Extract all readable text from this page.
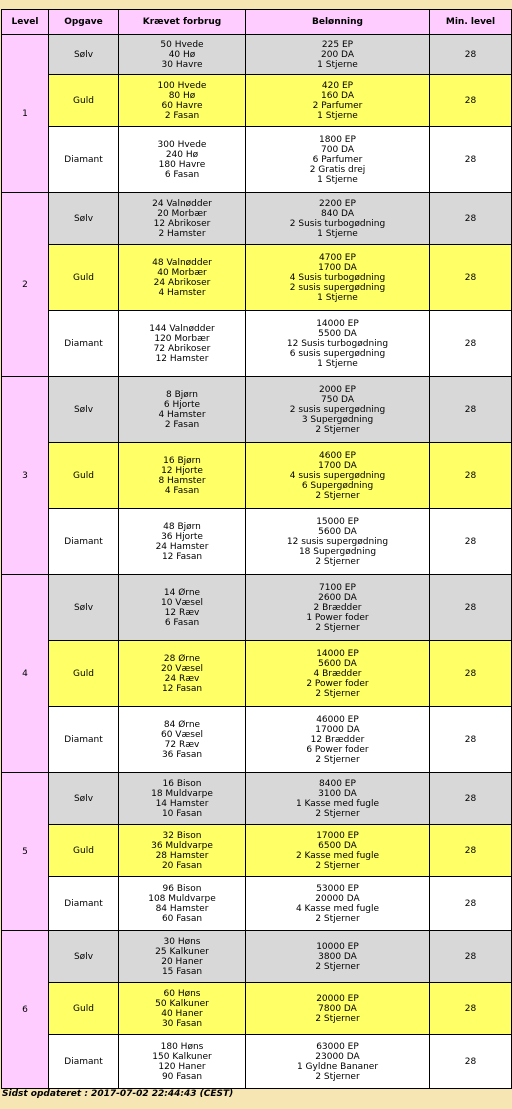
Level	Opgave	Krævet forbrug	Belønning	Min. level
1	Sølv	50 Hvede
40 Hø
30 Havre	225 EP
200 DA
1 Stjerne	28
	Guld	100 Hvede
80 Hø
60 Havre
2 Fasan	420 EP
160 DA
2 Parfumer
1 Stjerne	28
	Diamant	300 Hvede
240 Hø
180 Havre
6 Fasan	1800 EP
700 DA
6 Parfumer
2 Gratis drej
1 Stjerne	28
2	Sølv	24 Valnødder
20 Morbær
12 Abrikoser
2 Hamster	2200 EP
840 DA
2 Susis turbogødning
1 Stjerne	28
	Guld	48 Valnødder
40 Morbær
24 Abrikoser
4 Hamster	4700 EP
1700 DA
4 Susis turbogødning
2 susis supergødning
1 Stjerne	28
	Diamant	144 Valnødder
120 Morbær
72 Abrikoser
12 Hamster	14000 EP
5500 DA
12 Susis turbogødning
6 susis supergødning
1 Stjerne	28
3	Sølv	8 Bjørn
6 Hjorte
4 Hamster
2 Fasan	2000 EP
750 DA
2 susis supergødning
3 Supergødning
2 Stjerner	28
	Guld	16 Bjørn
12 Hjorte
8 Hamster
4 Fasan	4600 EP
1700 DA
4 susis supergødning
6 Supergødning
2 Stjerner	28
	Diamant	48 Bjørn
36 Hjorte
24 Hamster
12 Fasan	15000 EP
5600 DA
12 susis supergødning
18 Supergødning
2 Stjerner	28
4	Sølv	14 Ørne
10 Væsel
12 Ræv
6 Fasan	7100 EP
2600 DA
2 Brædder
1 Power foder
2 Stjerner	28
	Guld	28 Ørne
20 Væsel
24 Ræv
12 Fasan	14000 EP
5600 DA
4 Brædder
2 Power foder
2 Stjerner	28
	Diamant	84 Ørne
60 Væsel
72 Ræv
36 Fasan	46000 EP
17000 DA
12 Brædder
6 Power foder
2 Stjerner	28
5	Sølv	16 Bison
18 Muldvarpe
14 Hamster
10 Fasan	8400 EP
3100 DA
1 Kasse med fugle
2 Stjerner	28
	Guld	32 Bison
36 Muldvarpe
28 Hamster
20 Fasan	17000 EP
6500 DA
2 Kasse med fugle
2 Stjerner	28
	Diamant	96 Bison
108 Muldvarpe
84 Hamster
60 Fasan	53000 EP
20000 DA
4 Kasse med fugle
2 Stjerner	28
6	Sølv	30 Høns
25 Kalkuner
20 Haner
15 Fasan	10000 EP
3800 DA
2 Stjerner	28
	Guld	60 Høns
50 Kalkuner
40 Haner
30 Fasan	20000 EP
7800 DA
2 Stjerner	28
	Diamant	180 Høns
150 Kalkuner
120 Haner
90 Fasan	63000 EP
23000 DA
1 Gyldne Bananer
2 Stjerner	28
Sidst opdateret : 2017-07-02 22:44:43 (CEST)
